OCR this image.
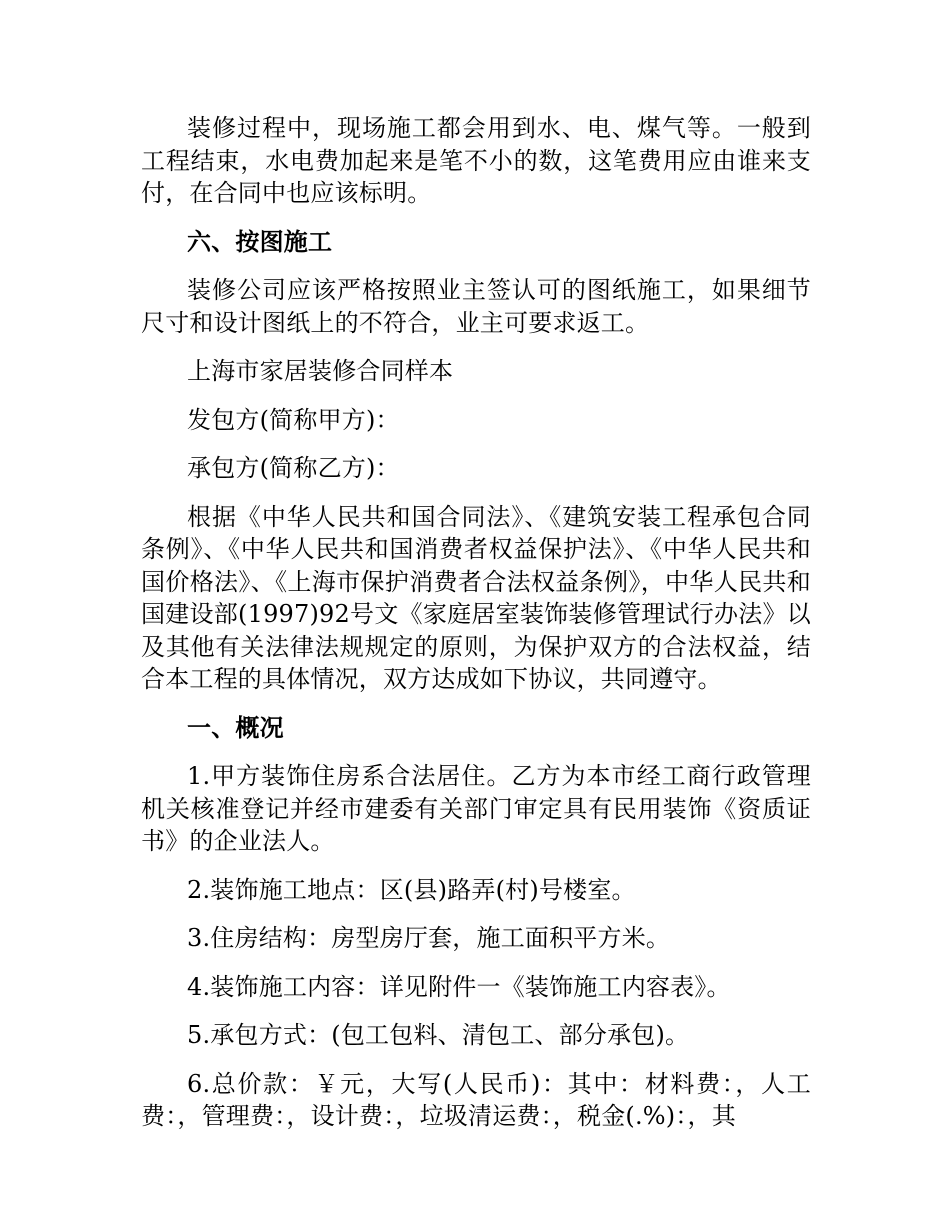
装修过程中，现场施工都会用到水、电、煤气等。一般到工程结束，水电费加起来是笔不小的数，这笔费用应由谁来支付，在合同中也应该标明。

六、按图施工

装修公司应该严格按照业主签认可的图纸施工，如果细节尺寸和设计图纸上的不符合，业主可要求返工。

上海市家居装修合同样本

发包方(简称甲方)：

承包方(简称乙方)：

根据《中华人民共和国合同法》、《建筑安装工程承包合同条例》、《中华人民共和国消费者权益保护法》、《中华人民共和国价格法》、《上海市保护消费者合法权益条例》，中华人民共和国建设部(1997)92号文《家庭居室装饰装修管理试行办法》以及其他有关法律法规规定的原则，为保护双方的合法权益，结合本工程的具体情况，双方达成如下协议，共同遵守。

一、概况

1.甲方装饰住房系合法居住。乙方为本市经工商行政管理机关核准登记并经市建委有关部门审定具有民用装饰《资质证书》的企业法人。

2.装饰施工地点：区(县)路弄(村)号楼室。

3.住房结构：房型房厅套，施工面积平方米。

4.装饰施工内容：详见附件一《装饰施工内容表》。

5.承包方式：(包工包料、清包工、部分承包)。

6.总价款：￥元，大写(人民币)：其中：材料费：，人工费：，管理费：，设计费：，垃圾清运费：，税金(.%)：，其
